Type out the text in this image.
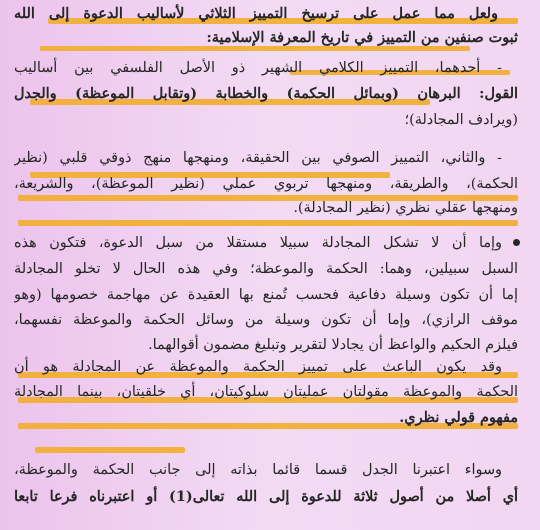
ولعل مما عمل على ترسيخ التمييز الثلاثي لأساليب الدعوة إلى الله
ثبوت صنفين من التمييز في تاريخ المعرفة الإسلامية:
- أحدهما، التمييز الكلامي الشهير ذو الأصل الفلسفي بين أساليب
القول: البرهان (وبمائل الحكمة) والخطابة (وتقابل الموعظة) والجدل
(ويرادف المجادلة)؛
- والثاني، التمييز الصوفي بين الحقيقة، ومنهجها منهج ذوقي قلبي (نظير
الحكمة)، والطريقة، ومنهجها تربوي عملي (نظير الموعظة)، والشريعة،
ومنهجها عقلي نظري (نظير المجادلة).
وإما أن لا تشكل المجادلة سبيلا مستقلا من سبل الدعوة، فتكون هذه
السبل سبيلين، وهما: الحكمة والموعظة؛ وفي هذه الحال لا تخلو المجادلة
إما أن تكون وسيلة دفاعية فحسب تُمنع بها العقيدة عن مهاجمة خصومها (وهو
موقف الرازي)، وإما أن تكون وسيلة من وسائل الحكمة والموعظة نفسهما،
فيلزم الحكيم والواعظ أن يجادلا لتقرير وتبليغ مضمون أقوالهما.
وقد يكون الباعث على تمييز الحكمة والموعظة عن المجادلة هو أن
الحكمة والموعظة مقولتان عمليتان سلوكيتان، أي خلقيتان، بينما المجادلة
مفهوم قولي نظري.
وسواء اعتبرنا الجدل قسما قائما بذاته إلى جانب الحكمة والموعظة،
أي أصلا من أصول ثلاثة للدعوة إلى الله تعالى(1) أو اعتبرناه فرعا تابعا
